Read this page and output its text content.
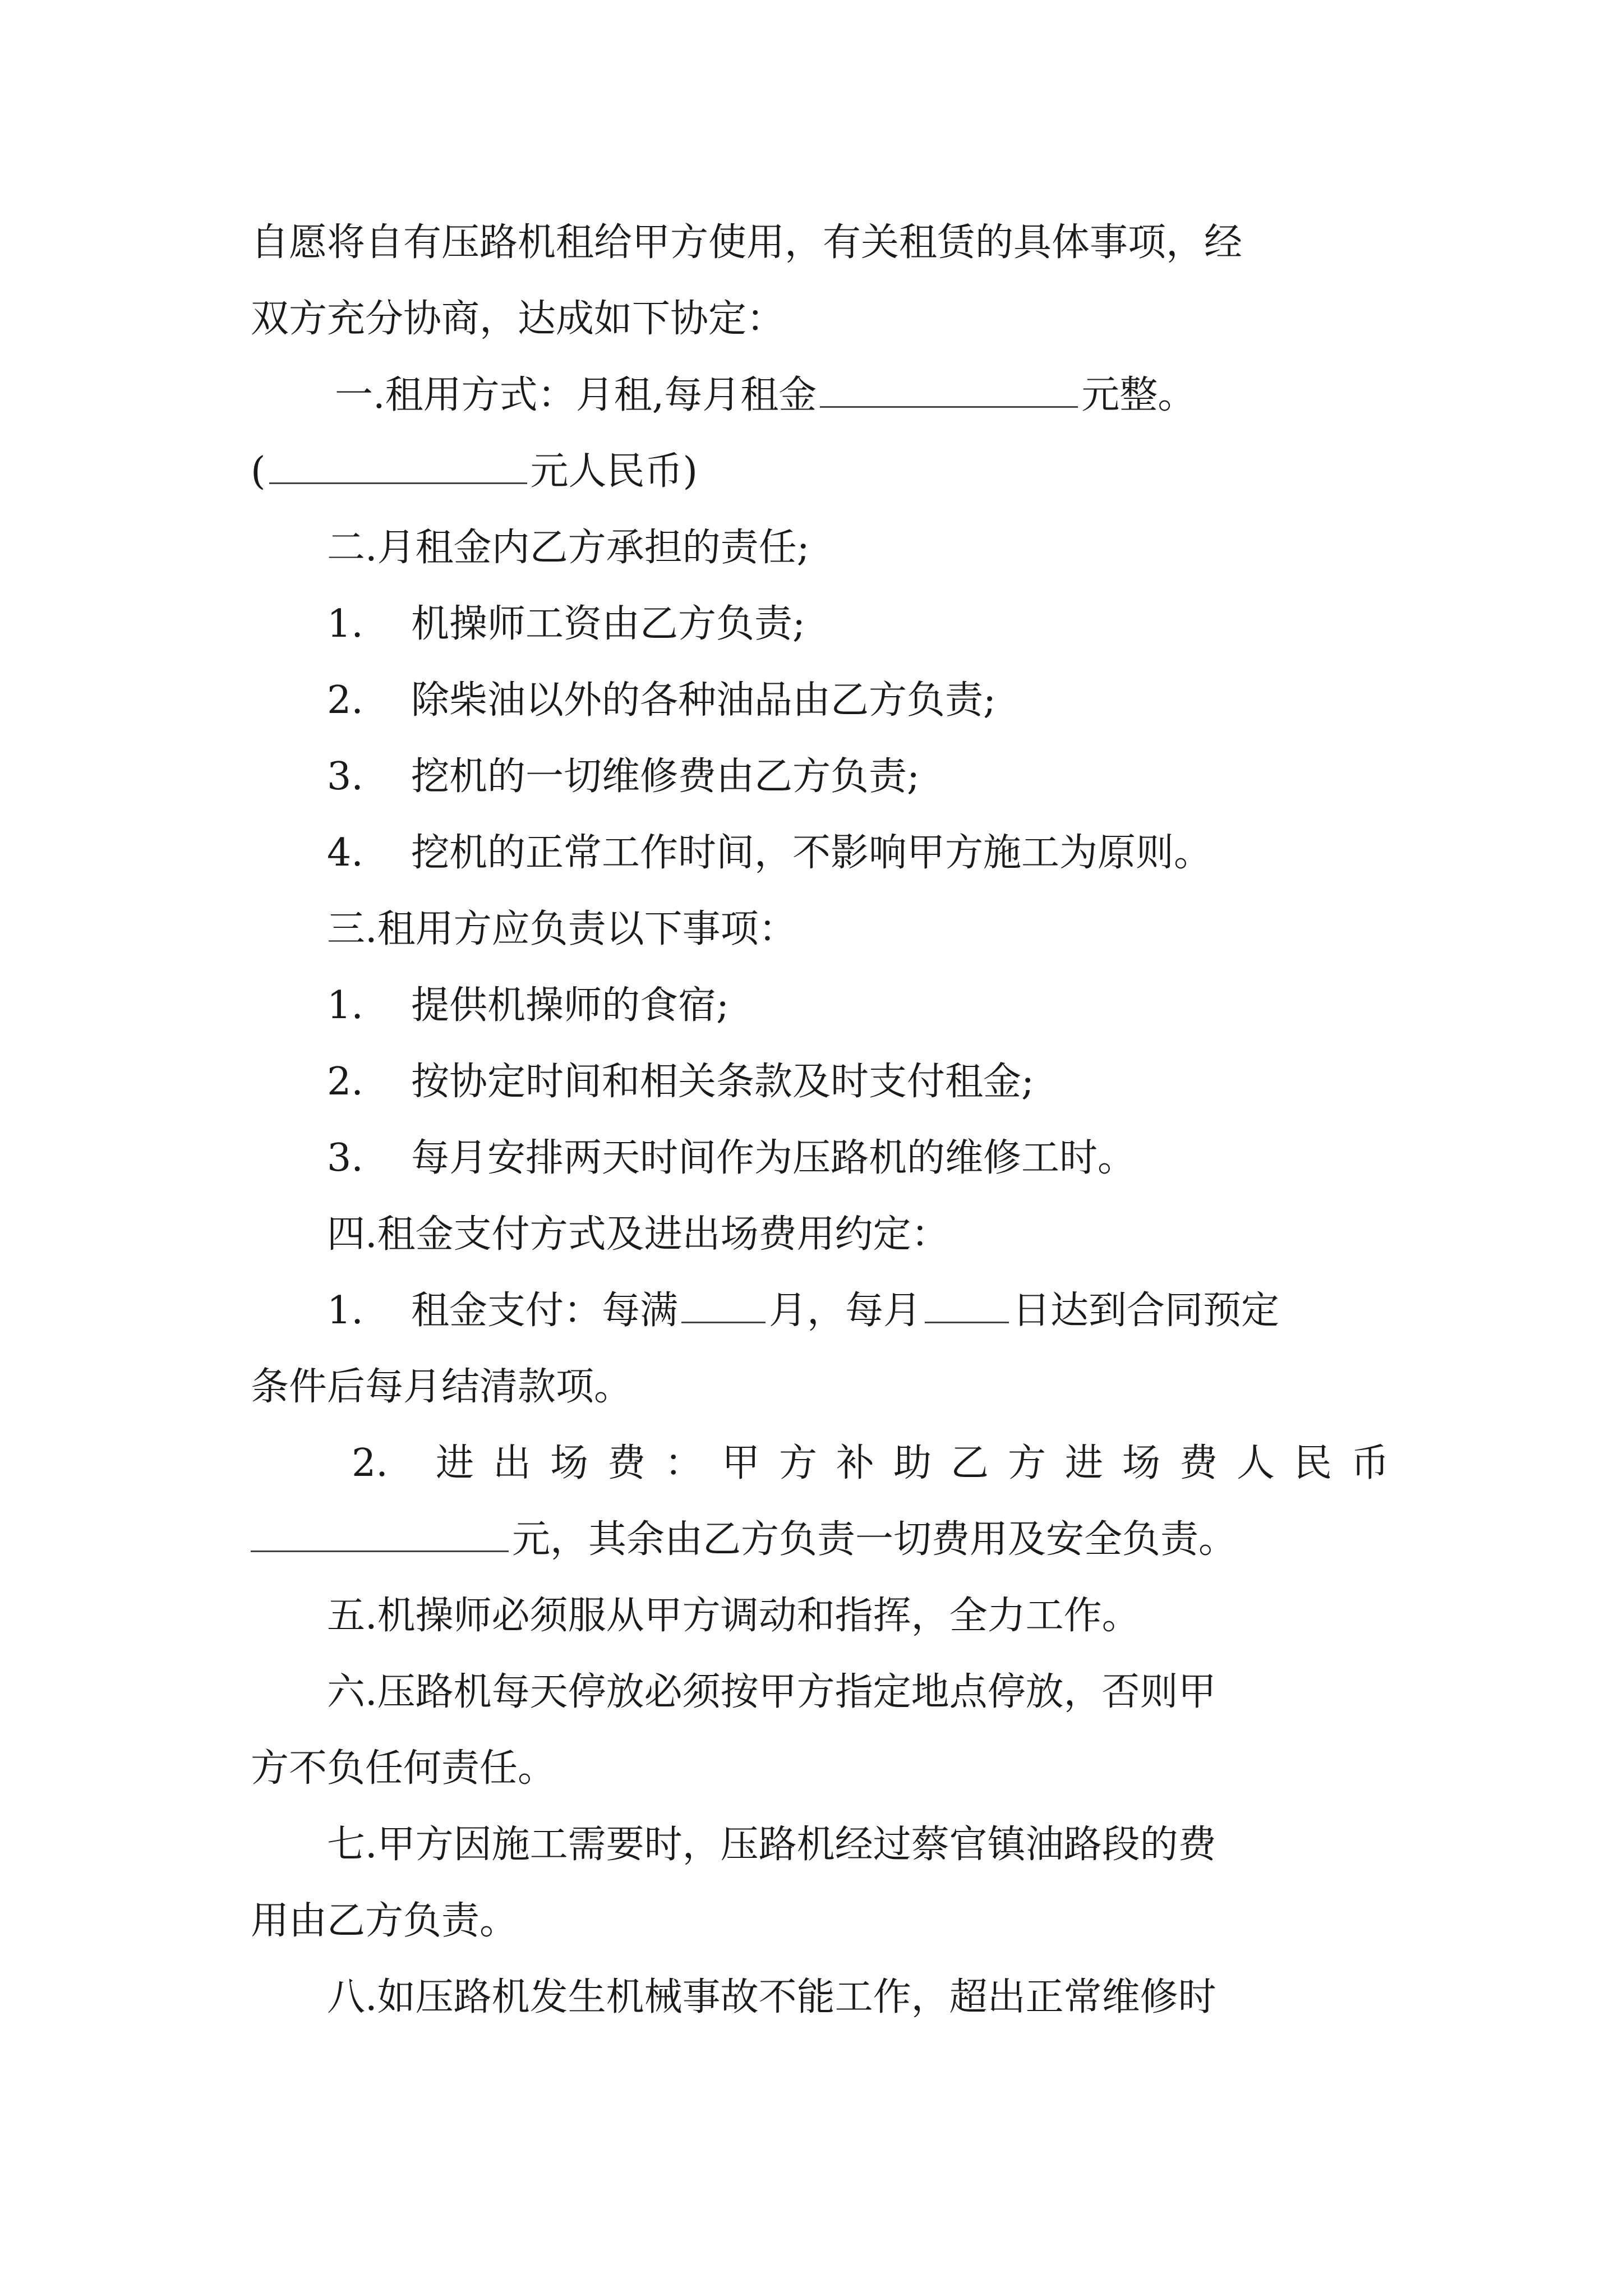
自愿将自有压路机租给甲方使用，有关租赁的具体事项，经
双方充分协商，达成如下协定：
一.租用方式：月租,每月租金	元整。
(	元人民币)
二.月租金内乙方承担的责任;
1. 机操师工资由乙方负责;
2. 除柴油以外的各种油品由乙方负责;
3. 挖机的一切维修费由乙方负责;
4. 挖机的正常工作时间，不影响甲方施工为原则。
三.租用方应负责以下事项：
1. 提供机操师的食宿;
2. 按协定时间和相关条款及时支付租金;
3. 每月安排两天时间作为压路机的维修工时。
四.租金支付方式及进出场费用约定：
1. 租金支付：每满 月，每月 日达到合同预定
条件后每月结清款项。
2. 进出场费：甲方补助乙方进场费人民币
元，其余由乙方负责一切费用及安全负责。
五.机操师必须服从甲方调动和指挥，全力工作。
六.压路机每天停放必须按甲方指定地点停放，否则甲
方不负任何责任。
七.甲方因施工需要时，压路机经过蔡官镇油路段的费
用由乙方负责。
八.如压路机发生机械事故不能工作，超出正常维修时
